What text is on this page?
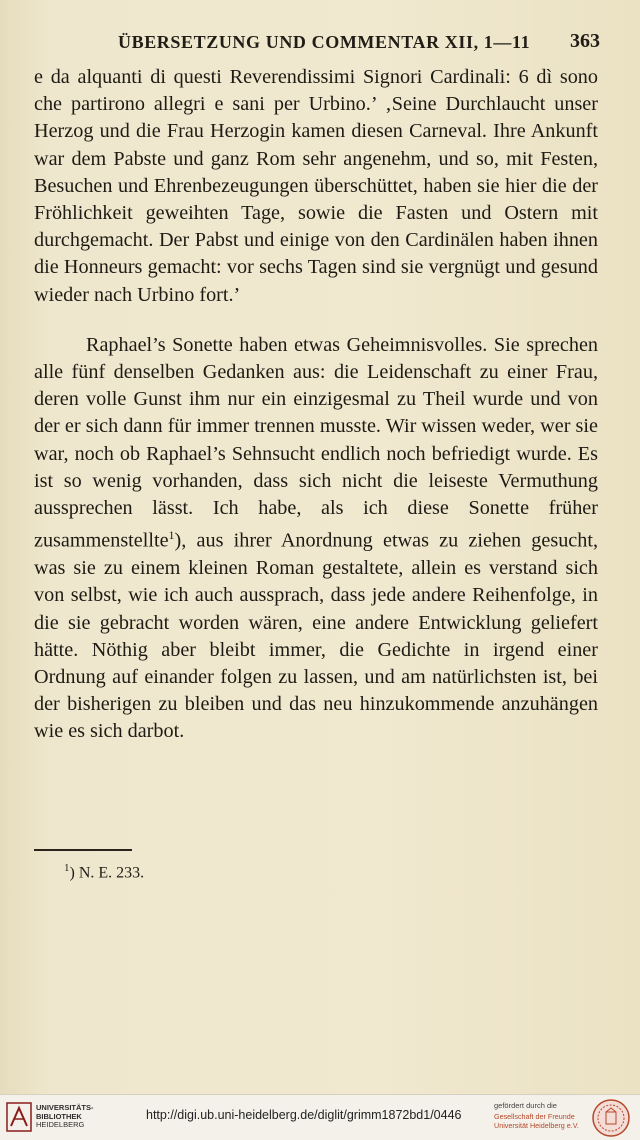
ÜBERSETZUNG UND COMMENTAR XII, 1—11 363

e da alquanti di questi Reverendissimi Signori Cardinali: 6 dì sono che partirono allegri e sani per Urbino.’ ‚Seine Durchlaucht unser Herzog und die Frau Herzogin kamen diesen Carneval. Ihre Ankunft war dem Pabste und ganz Rom sehr angenehm, und so, mit Festen, Besuchen und Ehrenbezeugungen überschüttet, haben sie hier die der Fröhlichkeit geweihten Tage, sowie die Fasten und Ostern mit durchgemacht. Der Pabst und einige von den Cardinälen haben ihnen die Honneurs gemacht: vor sechs Tagen sind sie vergnügt und gesund wieder nach Urbino fort.’

Raphael’s Sonette haben etwas Geheimnisvolles. Sie sprechen alle fünf denselben Gedanken aus: die Leidenschaft zu einer Frau, deren volle Gunst ihm nur ein einzigesmal zu Theil wurde und von der er sich dann für immer trennen musste. Wir wissen weder, wer sie war, noch ob Raphael’s Sehnsucht endlich noch befriedigt wurde. Es ist so wenig vorhanden, dass sich nicht die leiseste Vermuthung aussprechen lässt. Ich habe, als ich diese Sonette früher zusammenstellte$^1$), aus ihrer Anordnung etwas zu ziehen gesucht, was sie zu einem kleinen Roman gestaltete, allein es verstand sich von selbst, wie ich auch aussprach, dass jede andere Reihenfolge, in die sie gebracht worden wären, eine andere Entwicklung geliefert hätte. Nöthig aber bleibt immer, die Gedichte in irgend einer Ordnung auf einander folgen zu lassen, und am natürlichsten ist, bei der bisherigen zu bleiben und das neu hinzukommende anzuhängen wie es sich darbot.

$^1$) N. E. 233.
UNIVERSITÄTS-
BIBLIOTHEK
HEIDELBERG
http://digi.ub.uni-heidelberg.de/diglit/grimm1872bd1/0446
gefördert durch die
Gesellschaft der Freunde
Universität Heidelberg e.V.
